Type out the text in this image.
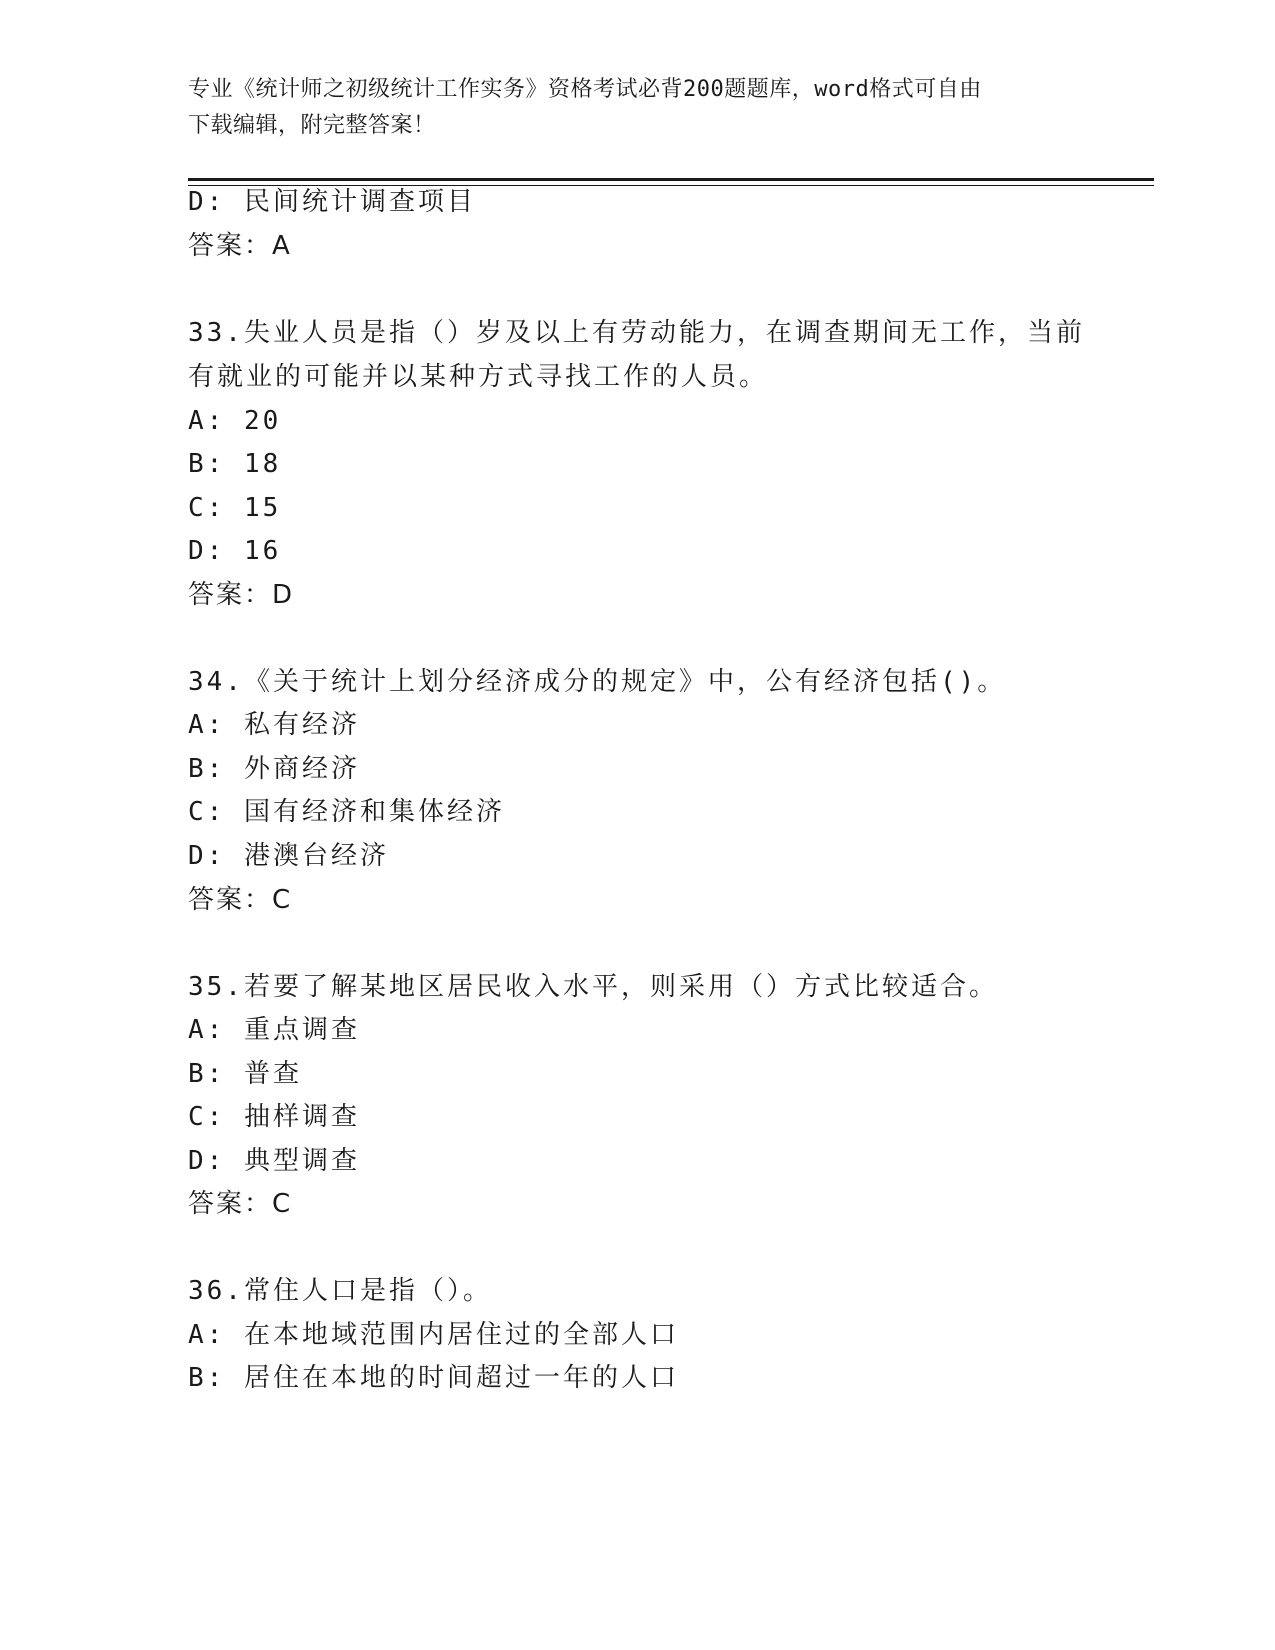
专业《统计师之初级统计工作实务》资格考试必背200题题库，word格式可自由
下载编辑，附完整答案！
D: 民间统计调查项目
答案：A
33.失业人员是指（）岁及以上有劳动能力，在调查期间无工作，当前
有就业的可能并以某种方式寻找工作的人员。
A: 20
B: 18
C: 15
D: 16
答案：D
34.《关于统计上划分经济成分的规定》中，公有经济包括()。
A: 私有经济
B: 外商经济
C: 国有经济和集体经济
D: 港澳台经济
答案：C
35.若要了解某地区居民收入水平，则采用（）方式比较适合。
A: 重点调查
B: 普查
C: 抽样调查
D: 典型调查
答案：C
36.常住人口是指（）。
A: 在本地域范围内居住过的全部人口
B: 居住在本地的时间超过一年的人口
